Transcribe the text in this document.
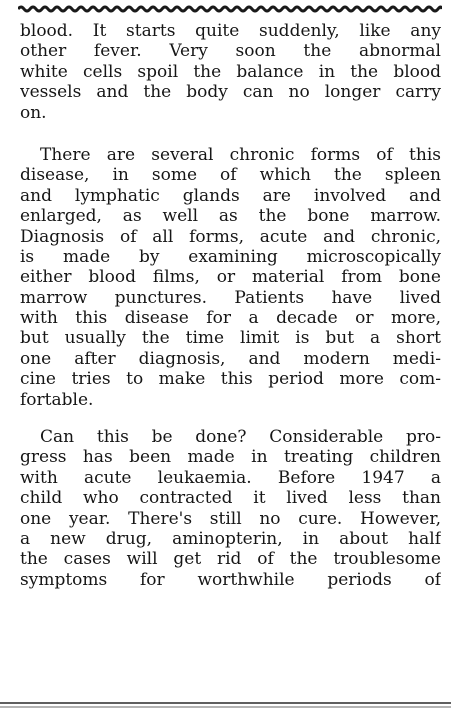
blood. It starts quite suddenly, like any
other fever. Very soon the abnormal
white cells spoil the balance in the blood
vessels and the body can no longer carry
on.
There are several chronic forms of this
disease, in some of which the spleen
and lymphatic glands are involved and
enlarged, as well as the bone marrow.
Diagnosis of all forms, acute and chronic,
is made by examining microscopically
either blood films, or material from bone
marrow punctures. Patients have lived
with this disease for a decade or more,
but usually the time limit is but a short
one after diagnosis, and modern medi-
cine tries to make this period more com-
fortable.
Can this be done? Considerable pro-
gress has been made in treating children
with acute leukaemia. Before 1947 a
child who contracted it lived less than
one year. There's still no cure. However,
a new drug, aminopterin, in about half
the cases will get rid of the troublesome
symptoms for worthwhile periods of
